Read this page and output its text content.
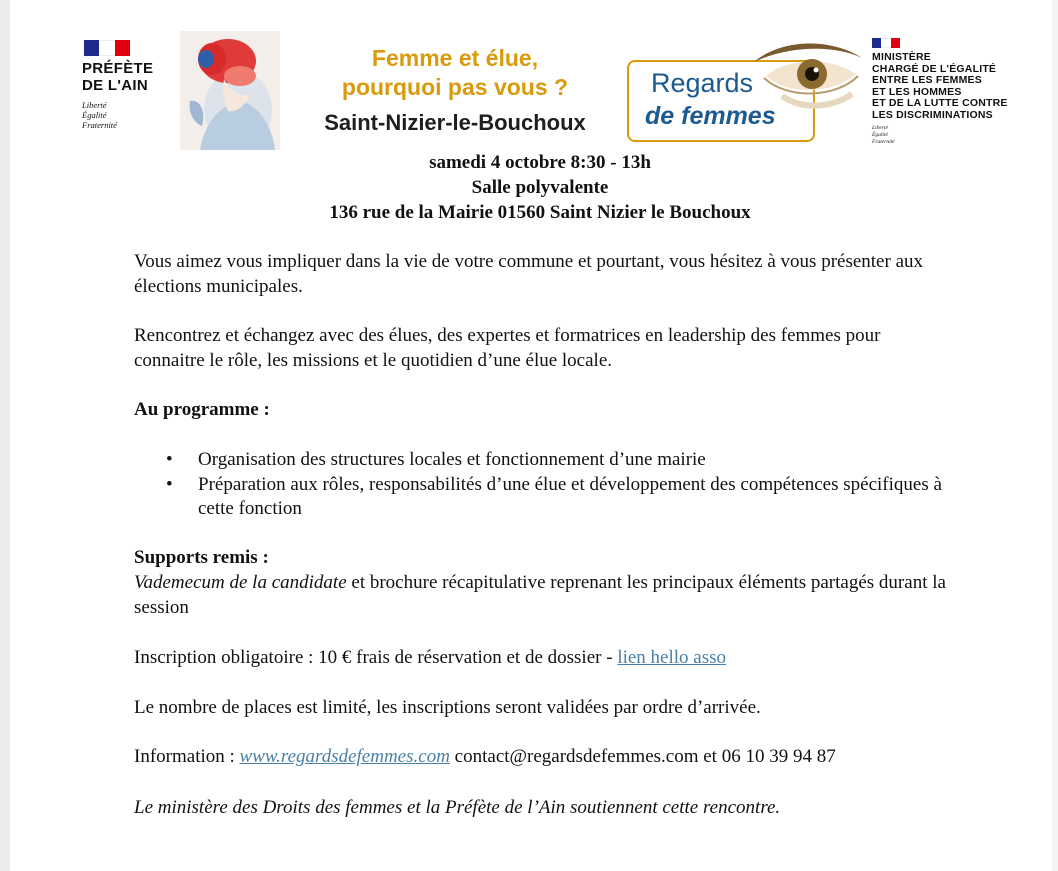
PRÉFÈTE
DE L'AIN
Liberté
Égalité
Fraternité
Femme et élue,
pourquoi pas vous ?
Saint-Nizier-le-Bouchoux
Regards
de femmes
MINISTÈRE
CHARGÉ DE L'ÉGALITÉ
ENTRE LES FEMMES
ET LES HOMMES
ET DE LA LUTTE CONTRE
LES DISCRIMINATIONS
Liberté
Égalité
Fraternité
samedi 4 octobre 8:30 - 13h
Salle polyvalente
136 rue de la Mairie 01560 Saint Nizier le Bouchoux

Vous aimez vous impliquer dans la vie de votre commune et pourtant, vous hésitez à vous présenter aux élections municipales.

Rencontrez et échangez avec des élues, des expertes et formatrices en leadership des femmes pour connaitre le rôle, les missions et le quotidien d’une élue locale.

Au programme :
• Organisation des structures locales et fonctionnement d’une mairie
• Préparation aux rôles, responsabilités d’une élue et développement des compétences spécifiques à cette fonction
Supports remis :

Vademecum de la candidate et brochure récapitulative reprenant les principaux éléments partagés durant la session

Inscription obligatoire : 10 € frais de réservation et de dossier - lien hello asso

Le nombre de places est limité, les inscriptions seront validées par ordre d’arrivée.

Information : www.regardsdefemmes.com contact@regardsdefemmes.com et 06 10 39 94 87

Le ministère des Droits des femmes et la Préfète de l’Ain soutiennent cette rencontre.
